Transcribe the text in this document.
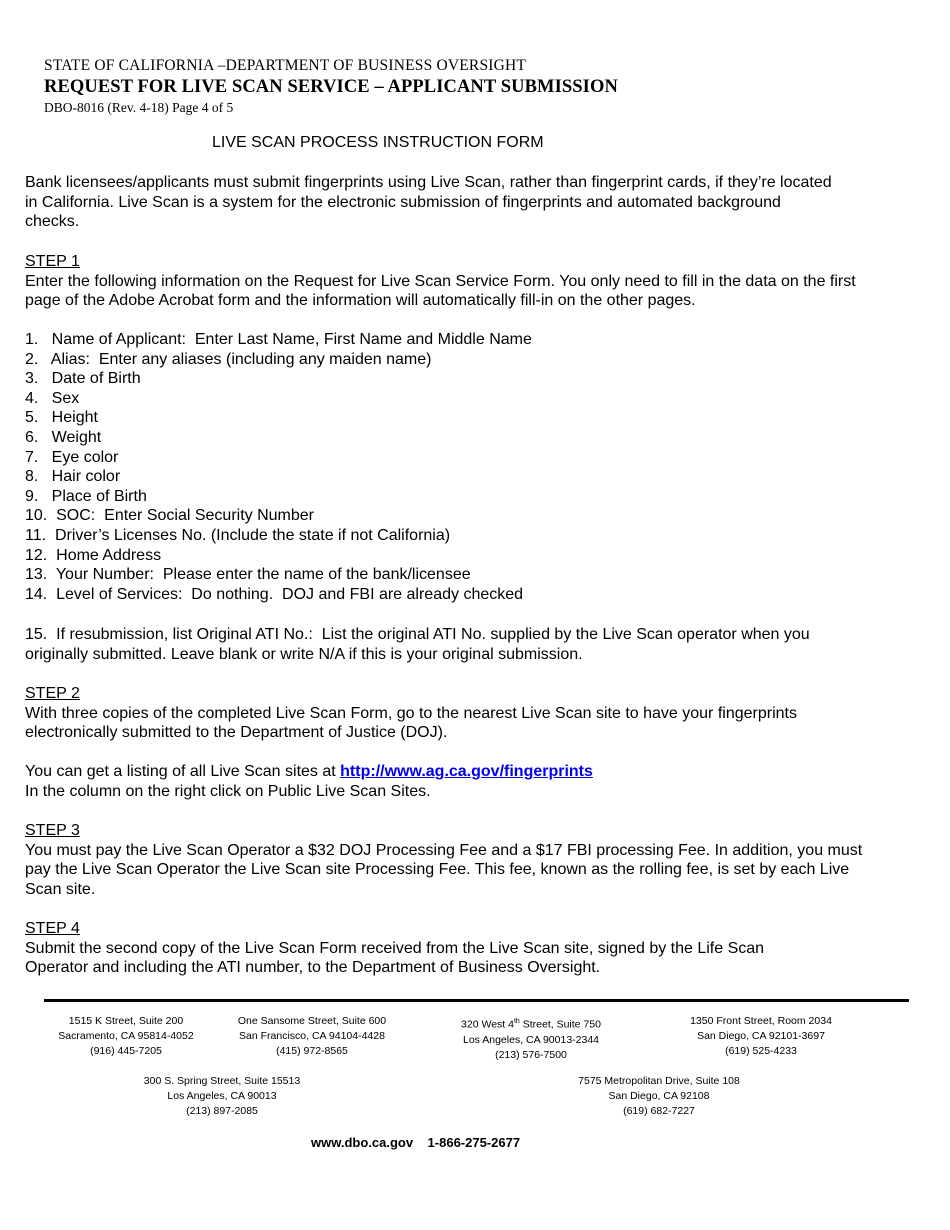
STATE OF CALIFORNIA –DEPARTMENT OF BUSINESS OVERSIGHT
REQUEST FOR LIVE SCAN SERVICE – APPLICANT SUBMISSION
DBO-8016 (Rev. 4-18) Page 4 of 5
LIVE SCAN PROCESS INSTRUCTION FORM
Bank licensees/applicants must submit fingerprints using Live Scan, rather than fingerprint cards, if they’re located
in California. Live Scan is a system for the electronic submission of fingerprints and automated background
checks.
STEP 1
Enter the following information on the Request for Live Scan Service Form. You only need to fill in the data on the first
page of the Adobe Acrobat form and the information will automatically fill-in on the other pages.
1.   Name of Applicant:  Enter Last Name, First Name and Middle Name
2.   Alias:  Enter any aliases (including any maiden name)
3.   Date of Birth
4.   Sex
5.   Height
6.   Weight
7.   Eye color
8.   Hair color
9.   Place of Birth
10.  SOC:  Enter Social Security Number
11.  Driver’s Licenses No. (Include the state if not California)
12.  Home Address
13.  Your Number:  Please enter the name of the bank/licensee
14.  Level of Services:  Do nothing.  DOJ and FBI are already checked
15.  If resubmission, list Original ATI No.:  List the original ATI No. supplied by the Live Scan operator when you
originally submitted. Leave blank or write N/A if this is your original submission.
STEP 2
With three copies of the completed Live Scan Form, go to the nearest Live Scan site to have your fingerprints
electronically submitted to the Department of Justice (DOJ).
You can get a listing of all Live Scan sites at http://www.ag.ca.gov/fingerprints
In the column on the right click on Public Live Scan Sites.
STEP 3
You must pay the Live Scan Operator a $32 DOJ Processing Fee and a $17 FBI processing Fee. In addition, you must
pay the Live Scan Operator the Live Scan site Processing Fee. This fee, known as the rolling fee, is set by each Live
Scan site.
STEP 4
Submit the second copy of the Live Scan Form received from the Live Scan site, signed by the Life Scan
Operator and including the ATI number, to the Department of Business Oversight.
1515 K Street, Suite 200
Sacramento, CA 95814-4052
(916) 445-7205
One Sansome Street, Suite 600
San Francisco, CA 94104-4428
(415) 972-8565
320 West 4th Street, Suite 750
Los Angeles, CA 90013-2344
(213) 576-7500
1350 Front Street, Room 2034
San Diego, CA 92101-3697
(619) 525-4233
300 S. Spring Street, Suite 15513
Los Angeles, CA 90013
(213) 897-2085
7575 Metropolitan Drive, Suite 108
San Diego, CA 92108
(619) 682-7227
www.dbo.ca.gov 1-866-275-2677
